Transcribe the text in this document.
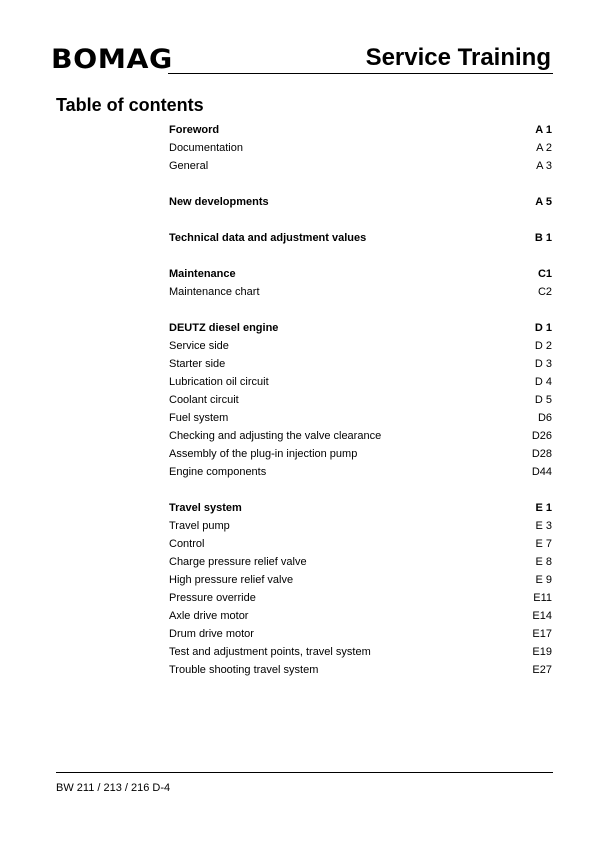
BOMAG	Service Training
Table of contents
Foreword	A 1
Documentation	A 2
General	A 3
New developments	A 5
Technical data and adjustment values	B 1
Maintenance	C1
Maintenance chart	C2
DEUTZ diesel engine	D 1
Service side	D 2
Starter side	D 3
Lubrication oil circuit	D 4
Coolant circuit	D 5
Fuel system	D6
Checking and adjusting the valve clearance	D26
Assembly of the plug-in injection pump	D28
Engine components	D44
Travel system	E 1
Travel pump	E 3
Control	E 7
Charge pressure relief valve	E 8
High pressure relief valve	E 9
Pressure override	E11
Axle drive motor	E14
Drum drive motor	E17
Test and adjustment points, travel system	E19
Trouble shooting travel system	E27
BW 211 / 213 / 216 D-4
